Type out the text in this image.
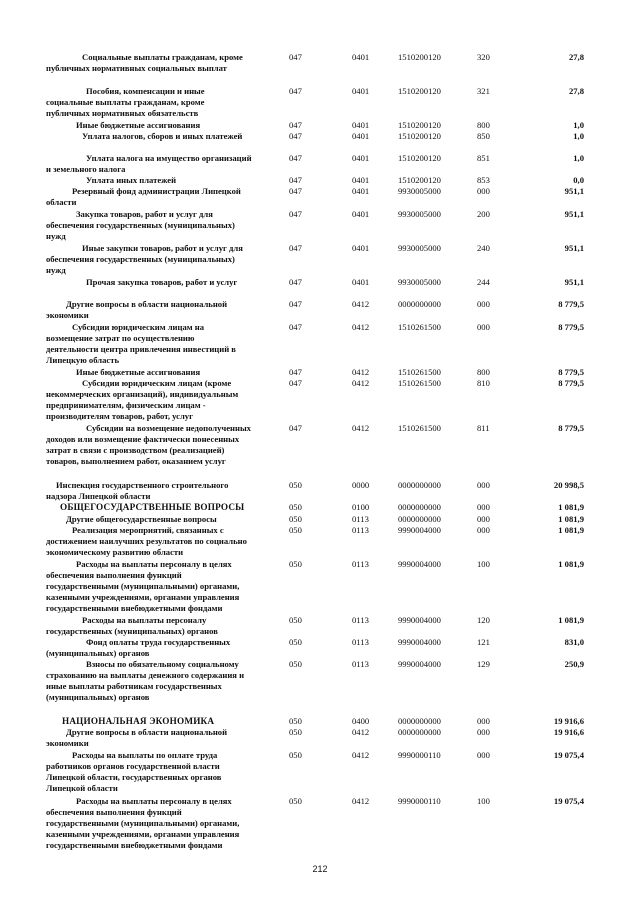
Социальные выплаты гражданам, кроме
публичных нормативных социальных выплат
047	0401	1510200120	320	27,8
Пособия, компенсации и иные
социальные выплаты гражданам, кроме
публичных нормативных обязательств
047	0401	1510200120	321	27,8
Иные бюджетные ассигнования	047	0401	1510200120	800	1,0
Уплата налогов, сборов и иных платежей	047	0401	1510200120	850	1,0
Уплата налога на имущество организаций
и земельного налога
047	0401	1510200120	851	1,0
Уплата иных платежей	047	0401	1510200120	853	0,0
Резервный фонд администрации Липецкой
области
047	0401	9930005000	000	951,1
Закупка товаров, работ и услуг для
обеспечения государственных (муниципальных)
нужд
047	0401	9930005000	200	951,1
Иные закупки товаров, работ и услуг для
обеспечения государственных (муниципальных)
нужд
047	0401	9930005000	240	951,1
Прочая закупка товаров, работ и услуг	047	0401	9930005000	244	951,1
Другие вопросы в области национальной
экономики
047	0412	0000000000	000	8 779,5
Субсидии юридическим лицам на
возмещение затрат по осуществлению
деятельности центра привлечения инвестиций в
Липецкую область
047	0412	1510261500	000	8 779,5
Иные бюджетные ассигнования	047	0412	1510261500	800	8 779,5
Субсидии юридическим лицам (кроме
некоммерческих организаций), индивидуальным
предпринимателям, физическим лицам -
производителям товаров, работ, услуг
047	0412	1510261500	810	8 779,5
Субсидии на возмещение недополученных
доходов или возмещение фактически понесенных
затрат в связи с производством (реализацией)
товаров, выполнением работ, оказанием услуг
047	0412	1510261500	811	8 779,5
Инспекция государственного строительного
надзора Липецкой области
050	0000	0000000000	000	20 998,5
ОБЩЕГОСУДАРСТВЕННЫЕ ВОПРОСЫ	050	0100	0000000000	000	1 081,9
Другие общегосударственные вопросы	050	0113	0000000000	000	1 081,9
Реализация мероприятий, связанных с
достижением наилучших результатов по социально
экономическому развитию области
050	0113	9990004000	000	1 081,9
Расходы на выплаты персоналу в целях
обеспечения выполнения функций
государственными (муниципальными) органами,
казенными учреждениями, органами управления
государственными внебюджетными фондами
050	0113	9990004000	100	1 081,9
Расходы на выплаты персоналу
государственных (муниципальных) органов
050	0113	9990004000	120	1 081,9
Фонд оплаты труда государственных
(муниципальных) органов
050	0113	9990004000	121	831,0
Взносы по обязательному социальному
страхованию на выплаты денежного содержания и
иные выплаты работникам государственных
(муниципальных) органов
050	0113	9990004000	129	250,9
НАЦИОНАЛЬНАЯ ЭКОНОМИКА	050	0400	0000000000	000	19 916,6
Другие вопросы в области национальной
экономики
050	0412	0000000000	000	19 916,6
Расходы на выплаты по оплате труда
работников органов государственной власти
Липецкой области, государственных органов
Липецкой области
050	0412	9990000110	000	19 075,4
Расходы на выплаты персоналу в целях
обеспечения выполнения функций
государственными (муниципальными) органами,
казенными учреждениями, органами управления
государственными внебюджетными фондами
050	0412	9990000110	100	19 075,4
212
